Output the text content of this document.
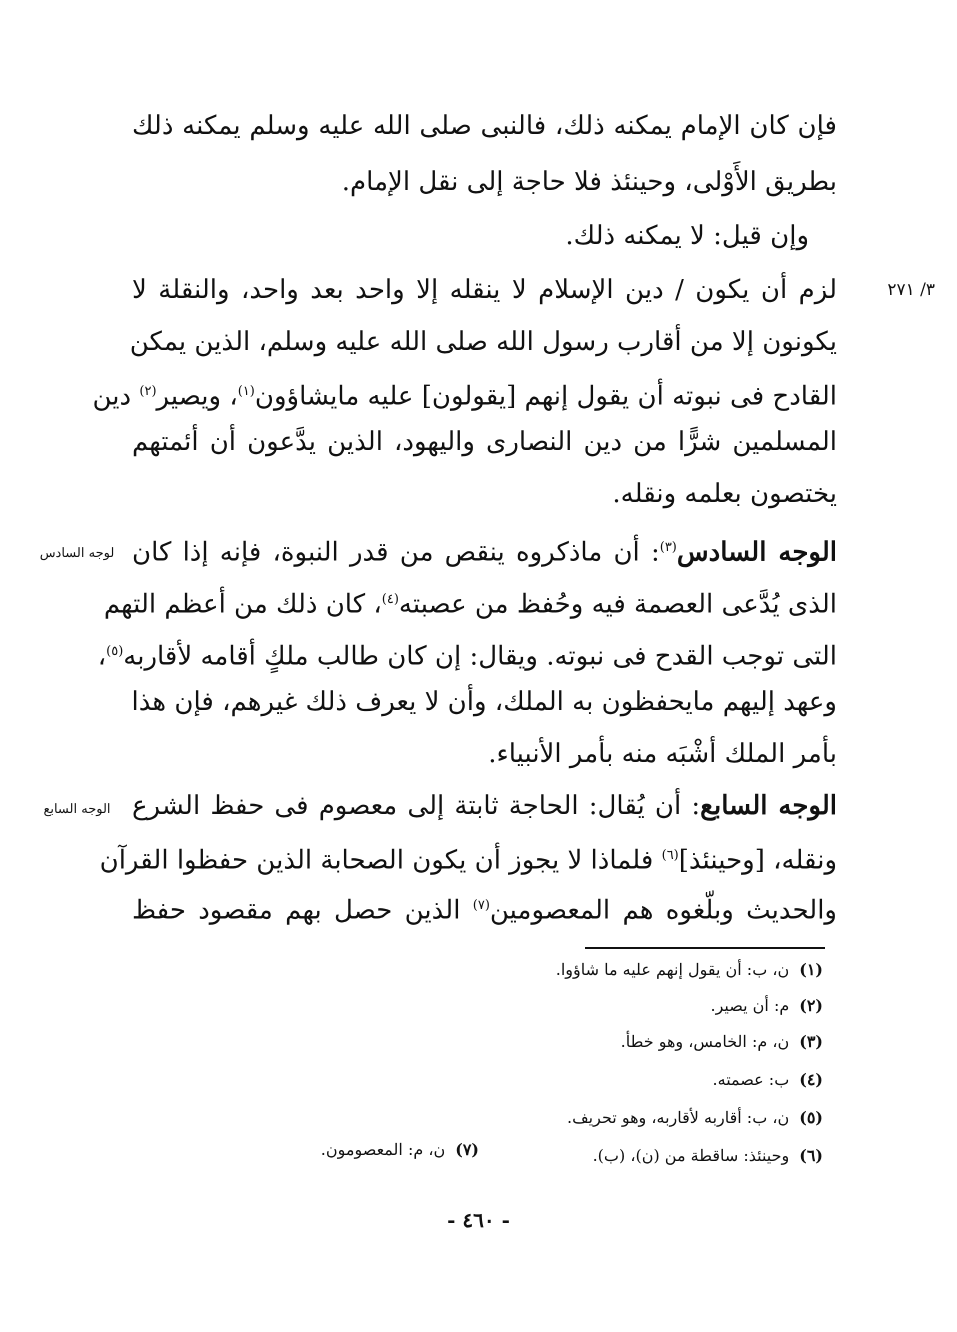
فإن كان الإمام يمكنه ذلك، فالنبى صلى الله عليه وسلم يمكنه ذلك
بطريق الأَوْلى، وحينئذ فلا حاجة إلى نقل الإمام.
وإن قيل: لا يمكنه ذلك.
٣/ ٢٧١
لزم أن يكون / دين الإسلام لا ينقله إلا واحد بعد واحد، والنقلة لا
يكونون إلا من أقارب رسول الله صلى الله عليه وسلم، الذين يمكن
القادح فى نبوته أن يقول إنهم [يقولون] عليه مايشاؤون$^{(١)}$، ويصير$^{(٢)}$ دين
المسلمين شرًّا من دين النصارى واليهود، الذين يدَّعون أن أئمتهم
يختصون بعلمه ونقله.
لوجه السادس	الوجه السادس$^{(٣)}$: أن ماذكروه ينقص من قدر النبوة، فإنه إذا كان
الذى يُدَّعى العصمة فيه وحُفظ من عصبته$^{(٤)}$، كان ذلك من أعظم التهم
التى توجب القدح فى نبوته. ويقال: إن كان طالب ملكٍ أقامه لأقاربه$^{(٥)}$،
وعهد إليهم مايحفظون به الملك، وأن لا يعرف ذلك غيرهم، فإن هذا
بأمر الملك أشْبَه منه بأمر الأنبياء.
الوجه السابع	الوجه السابع: أن يُقال: الحاجة ثابتة إلى معصوم فى حفظ الشرع
ونقله، [وحينئذ]$^{(٦)}$ فلماذا لا يجوز أن يكون الصحابة الذين حفظوا القرآن
والحديث وبلّغوه هم المعصومين$^{(٧)}$ الذين حصل بهم مقصود حفظ
(١)ن، ب: أن يقول إنهم عليه ما شاؤوا.
(٢)م: أن يصير.
(٣)ن، م: الخامس، وهو خطأ.
(٤)ب: عصمته.
(٥)ن، ب: أقاربه لأقاربه، وهو تحريف.
(٦)وحينئذ: ساقطة من (ن)، (ب).
(٧)ن، م: المعصومون.
- ٤٦٠ -
